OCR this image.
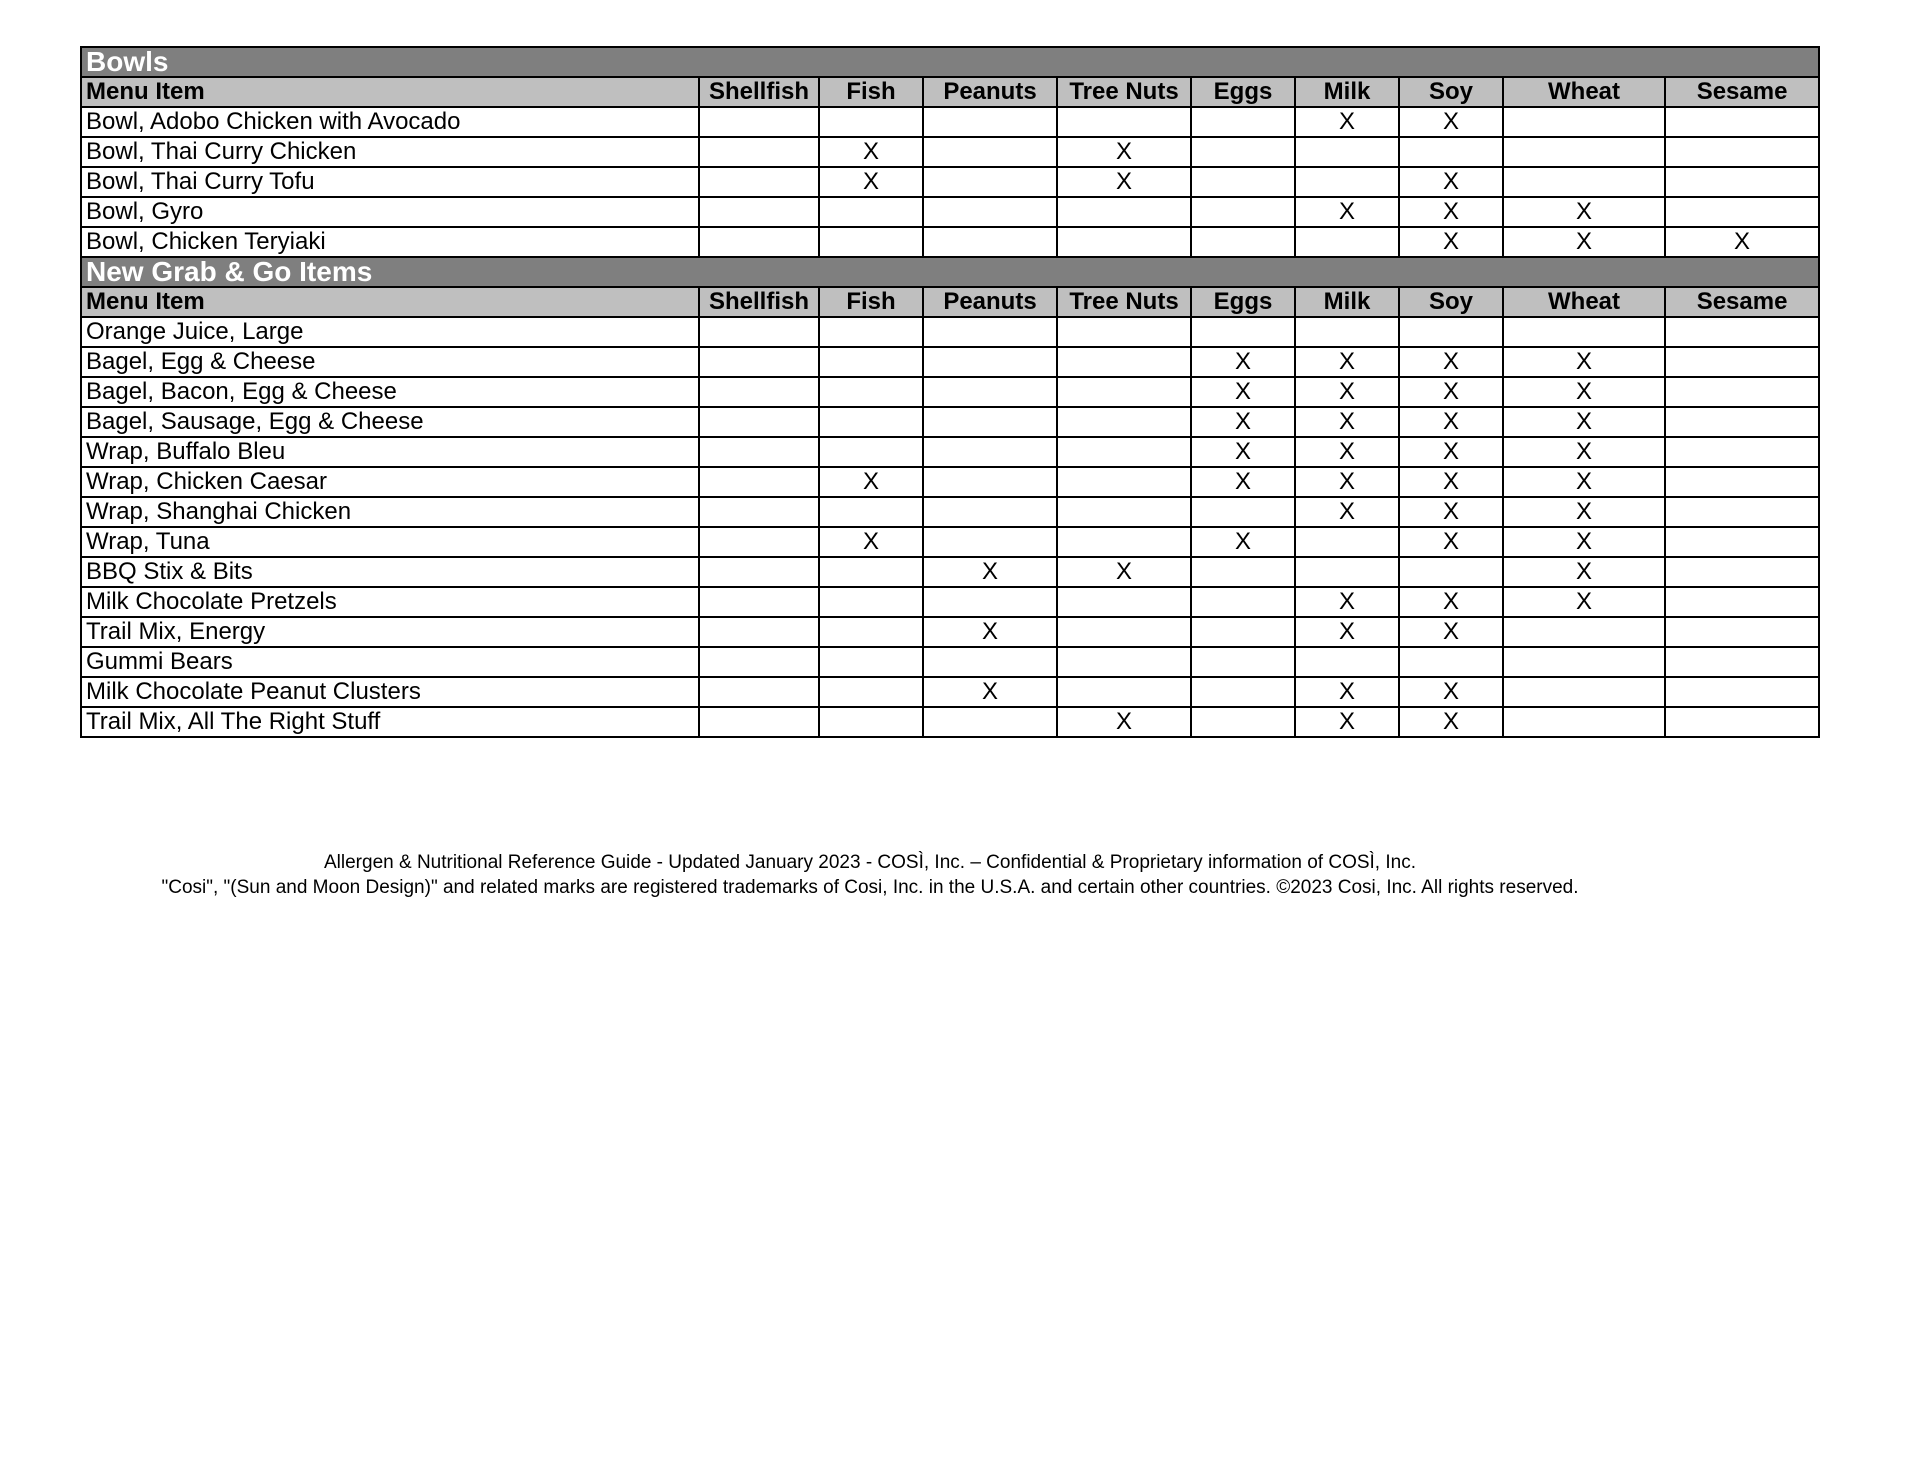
Bowls									
Menu Item	Shellfish	Fish	Peanuts	Tree Nuts	Eggs	Milk	Soy	Wheat	Sesame
Bowl, Adobo Chicken with Avocado						X	X		
Bowl, Thai Curry Chicken		X		X					
Bowl, Thai Curry Tofu		X		X			X		
Bowl, Gyro						X	X	X	
Bowl, Chicken Teryiaki							X	X	X
New Grab & Go Items									
Menu Item	Shellfish	Fish	Peanuts	Tree Nuts	Eggs	Milk	Soy	Wheat	Sesame
Orange Juice, Large									
Bagel, Egg & Cheese					X	X	X	X	
Bagel, Bacon, Egg & Cheese					X	X	X	X	
Bagel, Sausage, Egg & Cheese					X	X	X	X	
Wrap, Buffalo Bleu					X	X	X	X	
Wrap, Chicken Caesar		X			X	X	X	X	
Wrap, Shanghai Chicken						X	X	X	
Wrap, Tuna		X			X		X	X	
BBQ Stix & Bits			X	X				X	
Milk Chocolate Pretzels						X	X	X	
Trail Mix, Energy			X			X	X		
Gummi Bears									
Milk Chocolate Peanut Clusters			X			X	X		
Trail Mix, All The Right Stuff				X		X	X		
Allergen & Nutritional Reference Guide - Updated January 2023 - COSÌ, Inc. – Confidential & Proprietary information of COSÌ, Inc.
"Cosi", "(Sun and Moon Design)" and related marks are registered trademarks of Cosi, Inc. in the U.S.A. and certain other countries. ©2023 Cosi, Inc. All rights reserved.
